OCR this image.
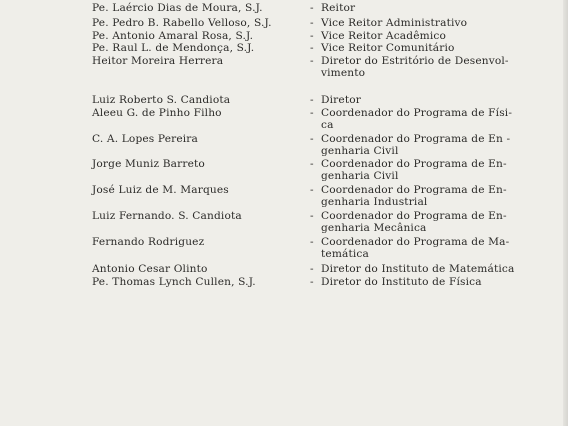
Pe. Laércio Dias de Moura, S.J.	- Reitor
Pe. Pedro B. Rabello Velloso, S.J.	- Vice Reitor Administrativo
Pe. Antonio Amaral Rosa, S.J.	- Vice Reitor Acadêmico
Pe. Raul L. de Mendonça, S.J.	- Vice Reitor Comunitário
Heitor Moreira Herrera	- Diretor do Estritório de Desenvol-
vimento
Luiz Roberto S. Candiota	- Diretor
Aleeu G. de Pinho Filho	- Coordenador do Programa de Físi-
ca
C. A. Lopes Pereira	- Coordenador do Programa de En -
genharia Civil
Jorge Muniz Barreto	- Coordenador do Programa de En-
genharia Civil
José Luiz de M. Marques	- Coordenador do Programa de En-
genharia Industrial
Luiz Fernando. S. Candiota	- Coordenador do Programa de En-
genharia Mecânica
Fernando Rodriguez	- Coordenador do Programa de Ma-
temática
Antonio Cesar Olinto	- Diretor do Instituto de Matemática
Pe. Thomas Lynch Cullen, S.J.	- Diretor do Instituto de Física
